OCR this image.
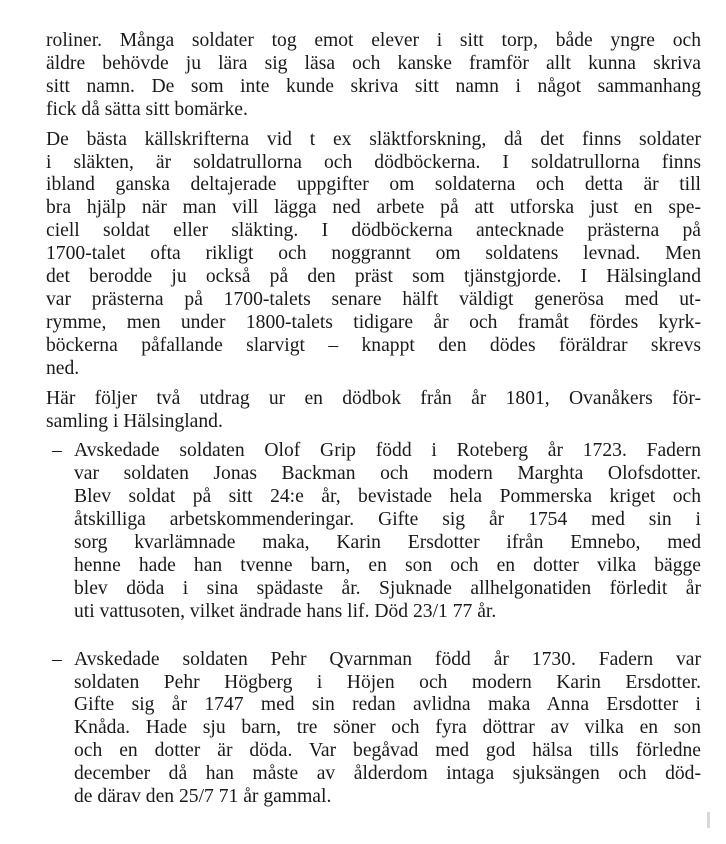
roliner. Många soldater tog emot elever i sitt torp, både yngre och
äldre behövde ju lära sig läsa och kanske framför allt kunna skriva
sitt namn. De som inte kunde skriva sitt namn i något sammanhang
fick då sätta sitt bomärke.

De bästa källskrifterna vid t ex släktforskning, då det finns soldater
i släkten, är soldatrullorna och dödböckerna. I soldatrullorna finns
ibland ganska deltajerade uppgifter om soldaterna och detta är till
bra hjälp när man vill lägga ned arbete på att utforska just en spe-
ciell soldat eller släkting. I dödböckerna antecknade prästerna på
1700-talet ofta rikligt och noggrannt om soldatens levnad. Men
det berodde ju också på den präst som tjänstgjorde. I Hälsingland
var prästerna på 1700-talets senare hälft väldigt generösa med ut-
rymme, men under 1800-talets tidigare år och framåt fördes kyrk-
böckerna påfallande slarvigt – knappt den dödes föräldrar skrevs
ned.

Här följer två utdrag ur en dödbok från år 1801, Ovanåkers för-
samling i Hälsingland.

– Avskedade soldaten Olof Grip född i Roteberg år 1723. Fadern
var soldaten Jonas Backman och modern Marghta Olofsdotter.
Blev soldat på sitt 24:e år, bevistade hela Pommerska kriget och
åtskilliga arbetskommenderingar. Gifte sig år 1754 med sin i
sorg kvarlämnade maka, Karin Ersdotter ifrån Emnebo, med
henne hade han tvenne barn, en son och en dotter vilka bägge
blev döda i sina spädaste år. Sjuknade allhelgonatiden förledit år
uti vattusoten, vilket ändrade hans lif. Död 23/1 77 år.
– Avskedade soldaten Pehr Qvarnman född år 1730. Fadern var
soldaten Pehr Högberg i Höjen och modern Karin Ersdotter.
Gifte sig år 1747 med sin redan avlidna maka Anna Ersdotter i
Knåda. Hade sju barn, tre söner och fyra döttrar av vilka en son
och en dotter är döda. Var begåvad med god hälsa tills förledne
december då han måste av ålderdom intaga sjuksängen och död-
de därav den 25/7 71 år gammal.
